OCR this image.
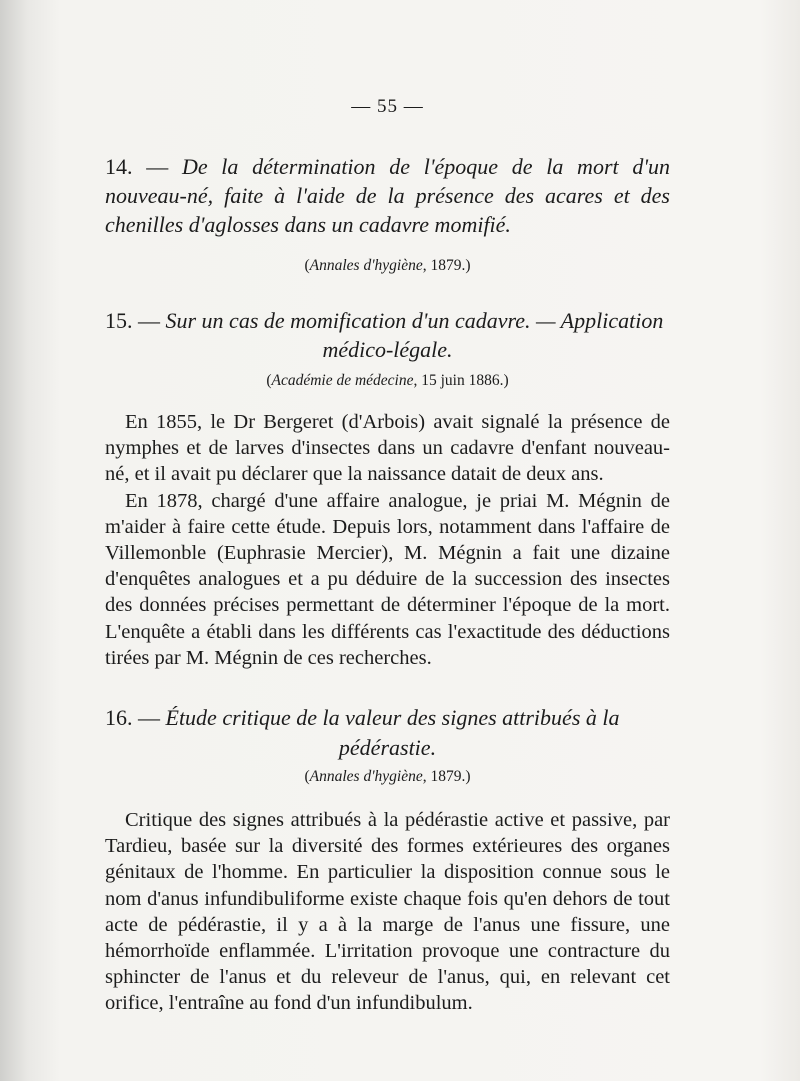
— 55 —
14. — De la détermination de l'époque de la mort d'un nouveau-né, faite à l'aide de la présence des acares et des chenilles d'aglosses dans un cadavre momifié.
(Annales d'hygiène, 1879.)
15. — Sur un cas de momification d'un cadavre. — Application
médico-légale.
(Académie de médecine, 15 juin 1886.)

En 1855, le Dr Bergeret (d'Arbois) avait signalé la présence de nymphes et de larves d'insectes dans un cadavre d'enfant nouveau-né, et il avait pu déclarer que la naissance datait de deux ans.

En 1878, chargé d'une affaire analogue, je priai M. Mégnin de m'aider à faire cette étude. Depuis lors, notamment dans l'affaire de Villemonble (Euphrasie Mercier), M. Mégnin a fait une dizaine d'enquêtes analogues et a pu déduire de la succession des insectes des données précises permettant de déterminer l'époque de la mort. L'enquête a établi dans les différents cas l'exactitude des déductions tirées par M. Mégnin de ces recherches.

16. — Étude critique de la valeur des signes attribués à la
pédérastie.
(Annales d'hygiène, 1879.)

Critique des signes attribués à la pédérastie active et passive, par Tardieu, basée sur la diversité des formes extérieures des organes génitaux de l'homme. En particulier la disposition connue sous le nom d'anus infundibuliforme existe chaque fois qu'en dehors de tout acte de pédérastie, il y a à la marge de l'anus une fissure, une hémorrhoïde enflammée. L'irritation provoque une contracture du sphincter de l'anus et du releveur de l'anus, qui, en relevant cet orifice, l'entraîne au fond d'un infundibulum.
